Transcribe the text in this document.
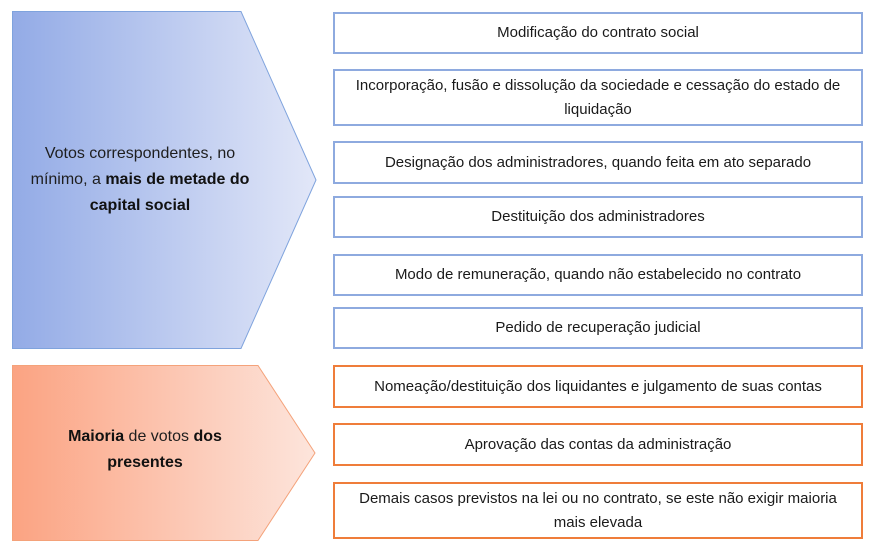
Votos correspondentes, no mínimo, a mais de metade do capital social
Maioria de votos dos presentes
Modificação do contrato social
Incorporação, fusão e dissolução da sociedade e cessação do estado de liquidação
Designação dos administradores, quando feita em ato separado
Destituição dos administradores
Modo de remuneração, quando não estabelecido no contrato
Pedido de recuperação judicial
Nomeação/destituição dos liquidantes e julgamento de suas contas
Aprovação das contas da administração
Demais casos previstos na lei ou no contrato, se este não exigir maioria mais elevada
